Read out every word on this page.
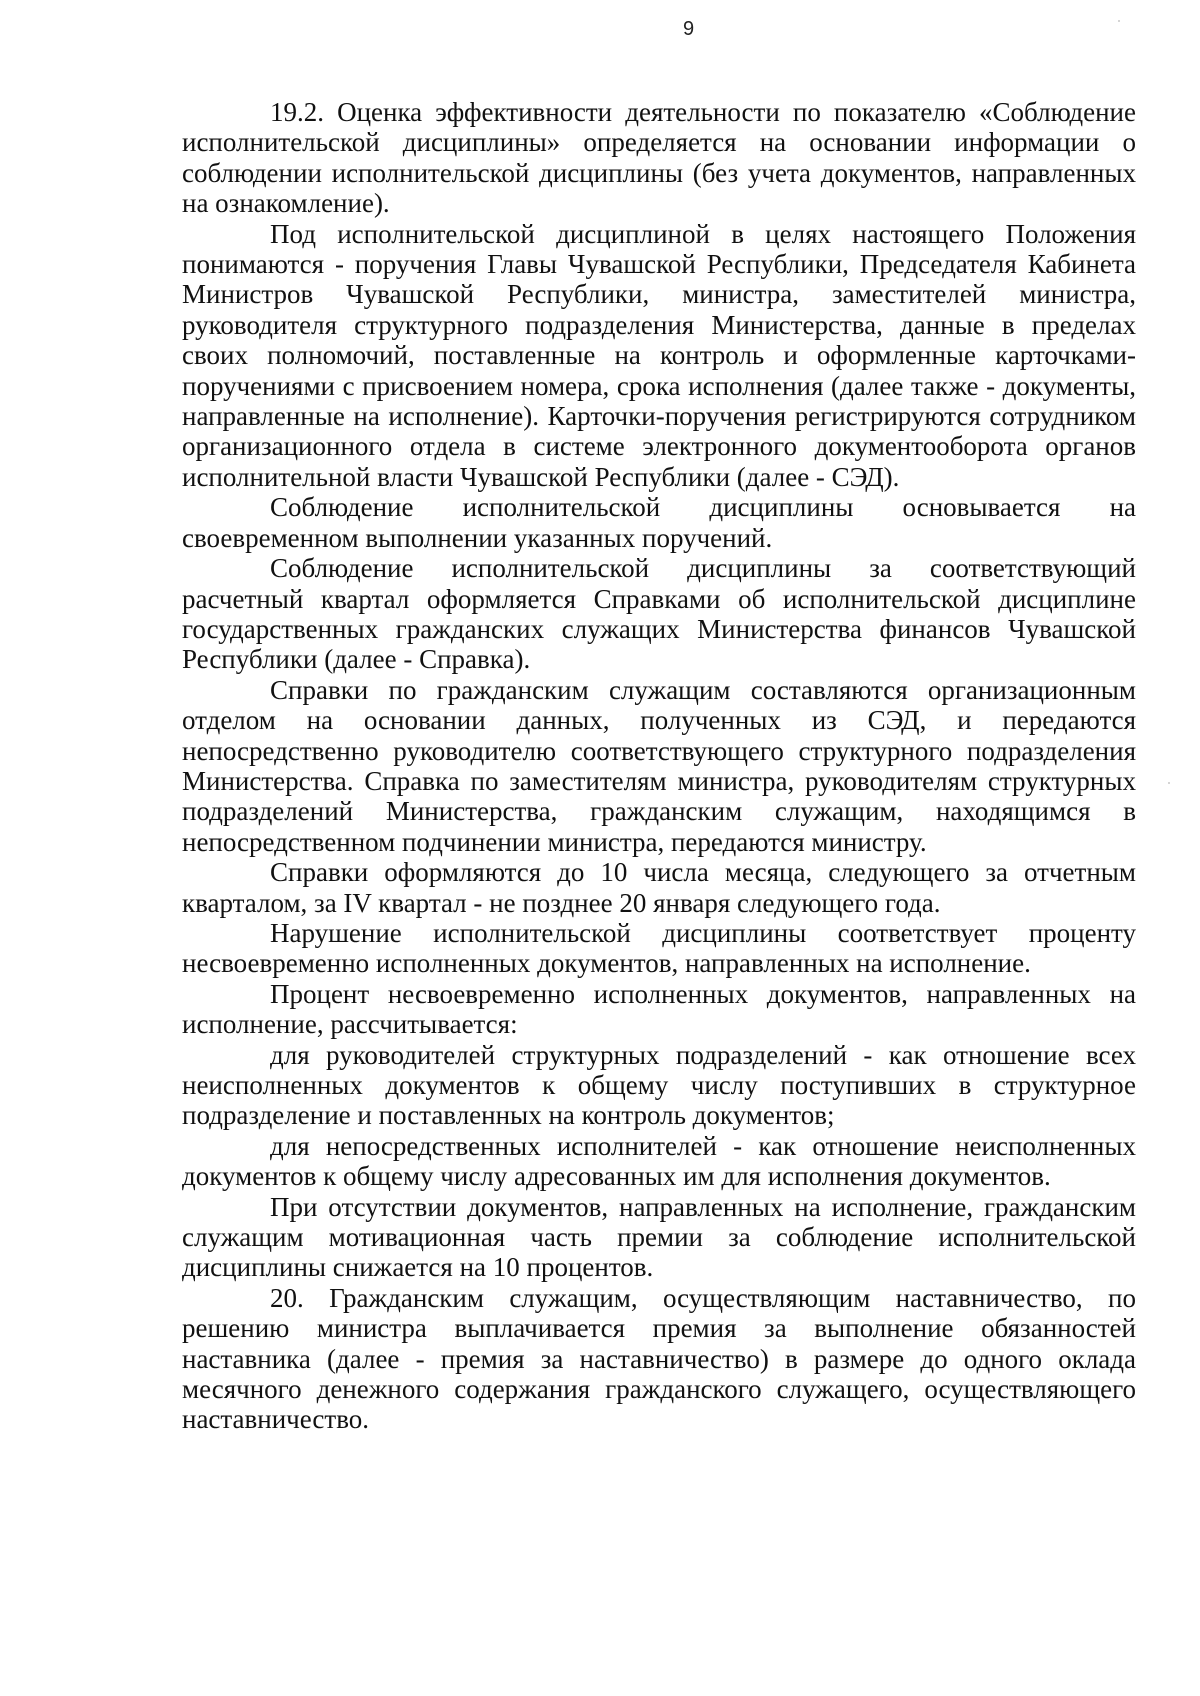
9

19.2. Оценка эффективности деятельности по показателю «Соблюдение исполнительской дисциплины» определяется на основании информации о соблюдении исполнительской дисциплины (без учета документов, направленных на ознакомление).

Под исполнительской дисциплиной в целях настоящего Положения понимаются - поручения Главы Чувашской Республики, Председателя Кабинета Министров Чувашской Республики, министра, заместителей министра, руководителя структурного подразделения Министерства, данные в пределах своих полномочий, поставленные на контроль и оформленные карточками-поручениями с присвоением номера, срока исполнения (далее также - документы, направленные на исполнение). Карточки-поручения регистрируются сотрудником организационного отдела в системе электронного документооборота органов исполнительной власти Чувашской Республики (далее - СЭД).

Соблюдение исполнительской дисциплины основывается на своевременном выполнении указанных поручений.

Соблюдение исполнительской дисциплины за соответствующий расчетный квартал оформляется Справками об исполнительской дисциплине государственных гражданских служащих Министерства финансов Чувашской Республики (далее - Справка).

Справки по гражданским служащим составляются организационным отделом на основании данных, полученных из СЭД, и передаются непосредственно руководителю соответствующего структурного подразделения Министерства. Справка по заместителям министра, руководителям структурных подразделений Министерства, гражданским служащим, находящимся в непосредственном подчинении министра, передаются министру.

Справки оформляются до 10 числа месяца, следующего за отчетным кварталом, за IV квартал - не позднее 20 января следующего года.

Нарушение исполнительской дисциплины соответствует проценту несвоевременно исполненных документов, направленных на исполнение.

Процент несвоевременно исполненных документов, направленных на исполнение, рассчитывается:

для руководителей структурных подразделений - как отношение всех неисполненных документов к общему числу поступивших в структурное подразделение и поставленных на контроль документов;

для непосредственных исполнителей - как отношение неисполненных документов к общему числу адресованных им для исполнения документов.

При отсутствии документов, направленных на исполнение, гражданским служащим мотивационная часть премии за соблюдение исполнительской дисциплины снижается на 10 процентов.

20. Гражданским служащим, осуществляющим наставничество, по решению министра выплачивается премия за выполнение обязанностей наставника (далее - премия за наставничество) в размере до одного оклада месячного денежного содержания гражданского служащего, осуществляющего наставничество.
